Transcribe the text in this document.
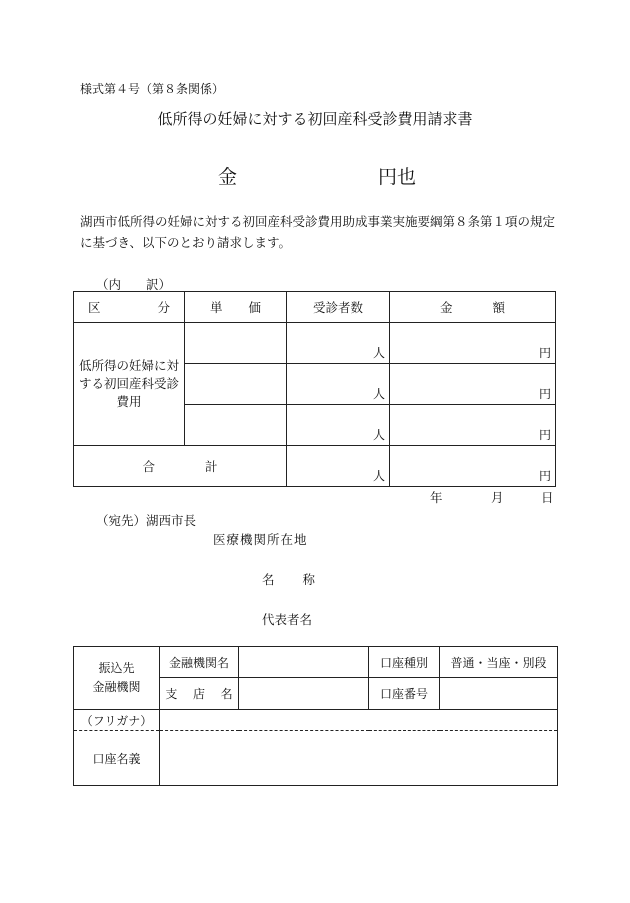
様式第４号（第８条関係）
低所得の妊婦に対する初回産科受診費用請求書
金	円也
湖西市低所得の妊婦に対する初回産科受診費用助成事業実施要綱第８条第１項の規定に基づき、以下のとおり請求します。
（内　　訳）
区 分	単 価	受診者数	金 額

低所得の妊婦に対する初回産科受診費用		人	円
		人	円
		人	円

合 計		人	円
年	月	日
（宛先）湖西市長
医療機関所在地
名 称
代表者名
振込先
金融機関	金融機関名		口座種別	普通・当座・別段
	支 店 名		口座番号	
（フリガナ）				
口座名義				
